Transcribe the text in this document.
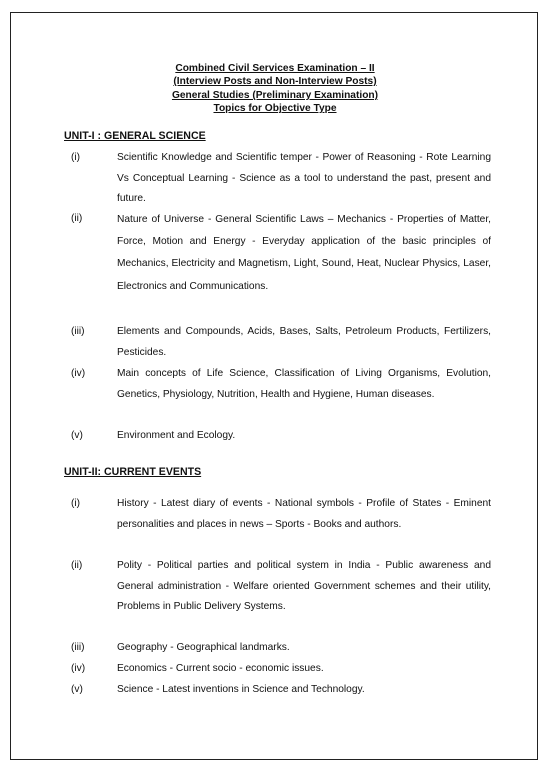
Combined Civil Services Examination – II
(Interview Posts and Non-Interview Posts)
General Studies (Preliminary Examination)
Topics for Objective Type
UNIT-I : GENERAL SCIENCE
(i)	Scientific Knowledge and Scientific temper - Power of Reasoning - Rote Learning Vs Conceptual Learning - Science as a tool to understand the past, present and future.
(ii)	Nature of Universe - General Scientific Laws – Mechanics - Properties of Matter, Force, Motion and Energy - Everyday application of the basic principles of Mechanics, Electricity and Magnetism, Light, Sound, Heat, Nuclear Physics, Laser, Electronics and Communications.
(iii)	Elements and Compounds, Acids, Bases, Salts, Petroleum Products, Fertilizers, Pesticides.
(iv)	Main concepts of Life Science, Classification of Living Organisms, Evolution, Genetics, Physiology, Nutrition, Health and Hygiene, Human diseases.
(v)	Environment and Ecology.
UNIT-II: CURRENT EVENTS
(i)	History - Latest diary of events - National symbols - Profile of States - Eminent personalities and places in news – Sports - Books and authors.
(ii)	Polity - Political parties and political system in India - Public awareness and General administration - Welfare oriented Government schemes and their utility, Problems in Public Delivery Systems.
(iii)	Geography - Geographical landmarks.
(iv)	Economics - Current socio - economic issues.
(v)	Science - Latest inventions in Science and Technology.
